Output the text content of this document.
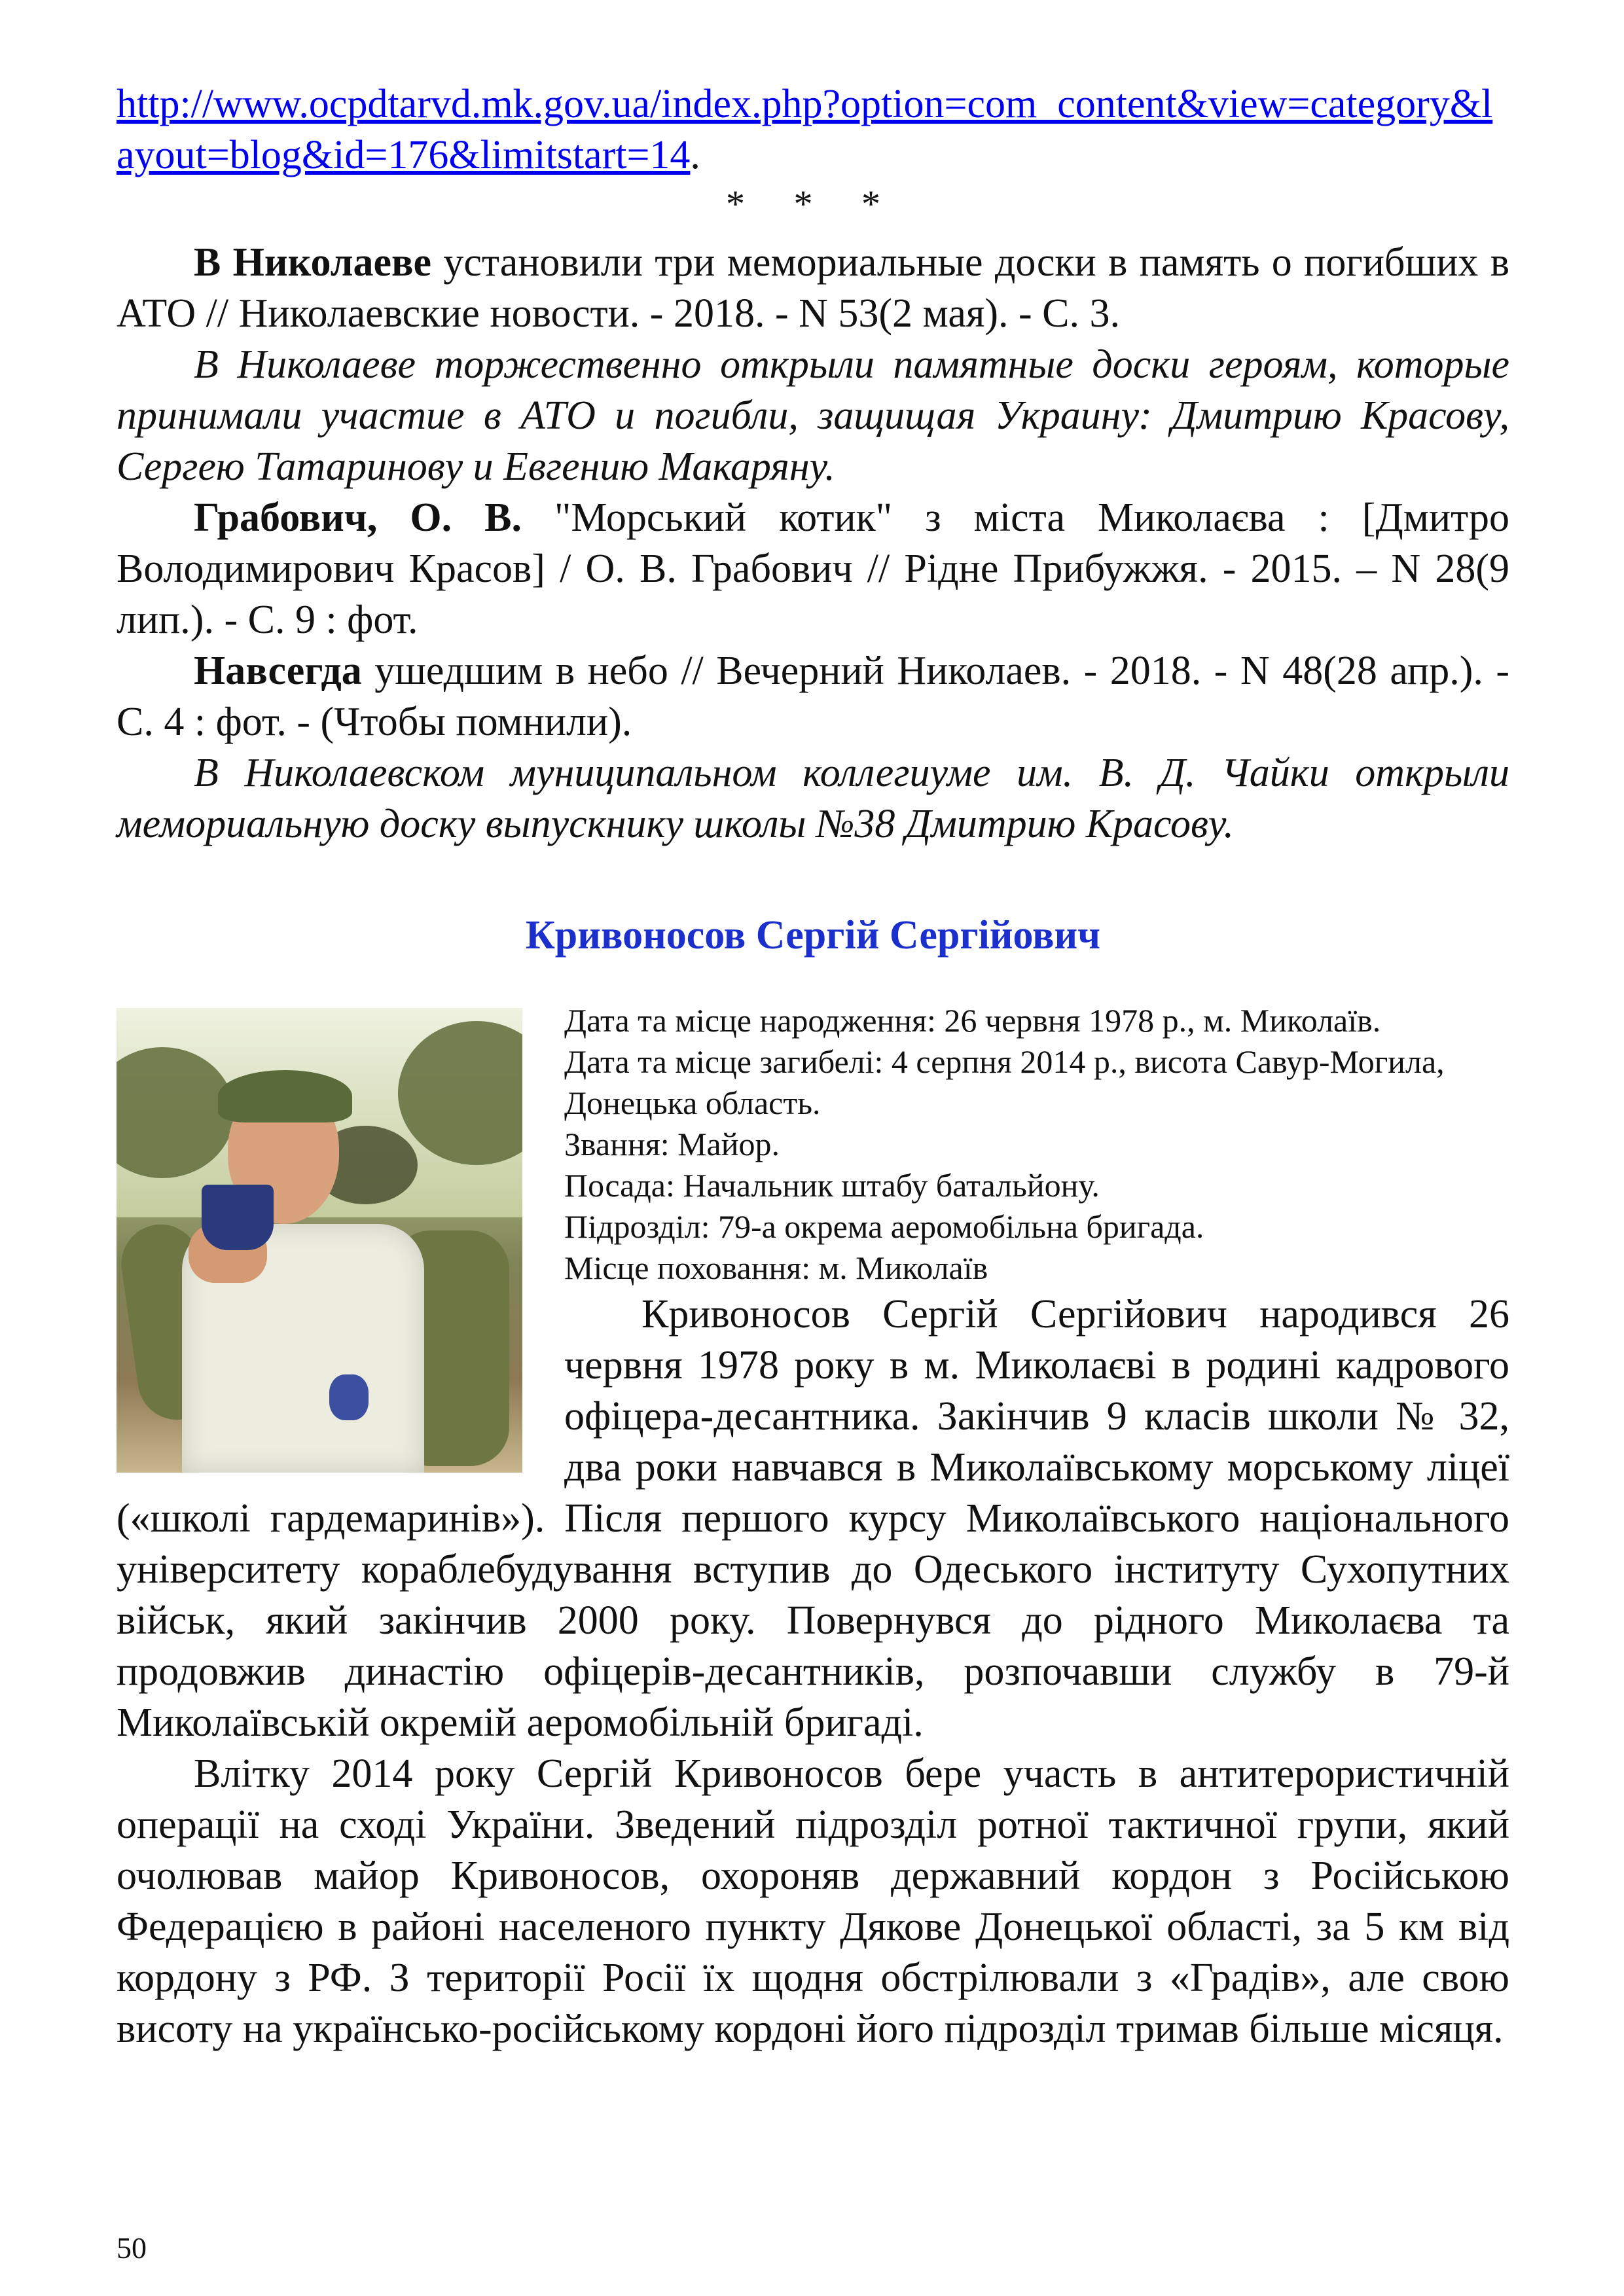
http://www.ocpdtarvd.mk.gov.ua/index.php?option=com_content&view=category&layout=blog&id=176&limitstart=14.

* * *

В Николаеве установили три мемориальные доски в память о погибших в АТО // Николаевские новости. - 2018. - N 53(2 мая). - С. 3.

В Николаеве торжественно открыли памятные доски героям, которые принимали участие в АТО и погибли, защищая Украину: Дмитрию Красову, Сергею Татаринову и Евгению Макаряну.

Грабович, О. В. "Морський котик" з міста Миколаєва : [Дмитро Володимирович Красов] / О. В. Грабович // Рідне Прибужжя. - 2015. – N 28(9 лип.). - С. 9 : фот.

Навсегда ушедшим в небо // Вечерний Николаев. - 2018. - N 48(28 апр.). - С. 4 : фот. - (Чтобы помнили).

В Николаевском муниципальном коллегиуме им. В. Д. Чайки открыли мемориальную доску выпускнику школы №38 Дмитрию Красову.

Кривоносов Сергій Сергійович

Дата та місце народження: 26 червня 1978 р., м. Миколаїв.

Дата та місце загибелі: 4 серпня 2014 р., висота Савур-Могила, Донецька область.

Звання: Майор.

Посада: Начальник штабу батальйону.

Підрозділ: 79-а окрема аеромобільна бригада.

Місце поховання: м. Миколаїв

Кривоносов Сергій Сергійович народився 26 червня 1978 року в м. Миколаєві в родині кадрового офіцера-десантника. Закінчив 9 класів школи № 32, два роки навчався в Миколаївському морському ліцеї («школі гардемаринів»). Після першого курсу Миколаївського національного університету кораблебудування вступив до Одеського інституту Сухопутних військ, який закінчив 2000 року. Повернувся до рідного Миколаєва та продовжив династію офіцерів-десантників, розпочавши службу в 79-й Миколаївській окремій аеромобільній бригаді.

Влітку 2014 року Сергій Кривоносов бере участь в антитерористичній операції на сході України. Зведений підрозділ ротної тактичної групи, який очолював майор Кривоносов, охороняв державний кордон з Російською Федерацією в районі населеного пункту Дякове Донецької області, за 5 км від кордону з РФ. З території Росії їх щодня обстрілювали з «Градів», але свою висоту на українсько-російському кордоні його підрозділ тримав більше місяця.

50
